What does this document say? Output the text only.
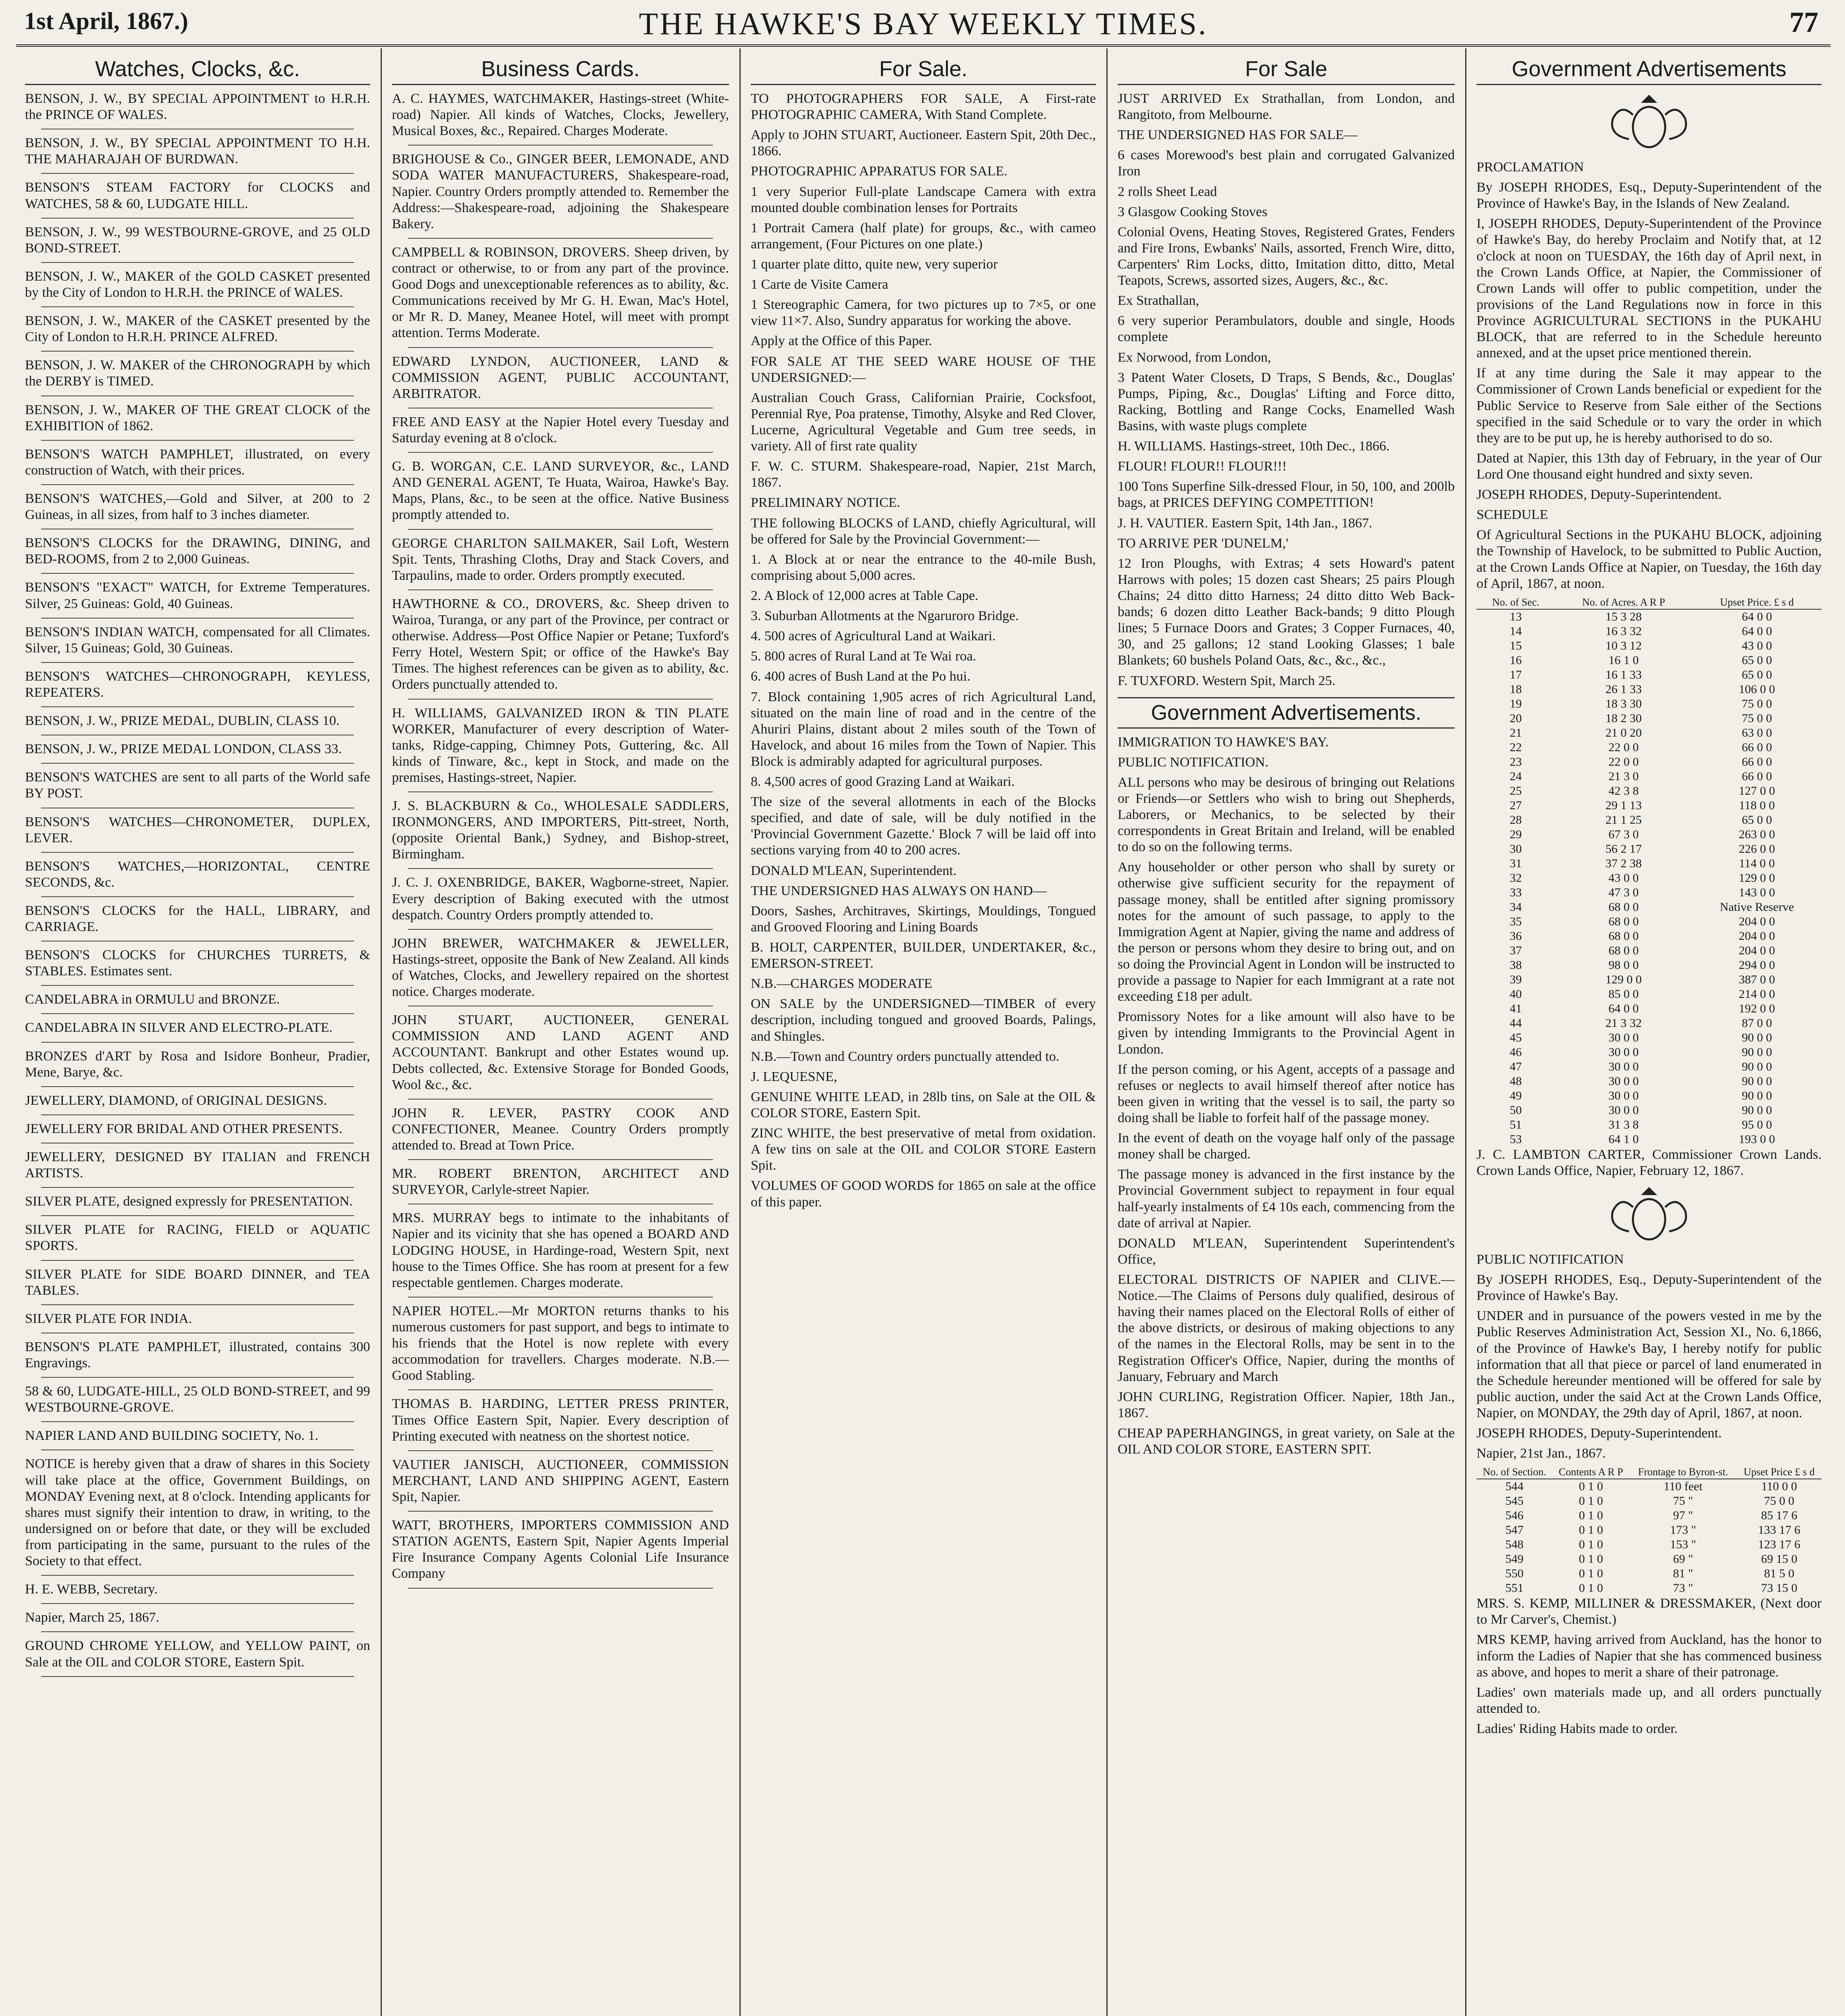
1st April, 1867.)	THE HAWKE'S BAY WEEKLY TIMES.	77
Watches, Clocks, &c.

BENSON, J. W., BY SPECIAL APPOINTMENT to H.R.H. the PRINCE OF WALES.

BENSON, J. W., BY SPECIAL APPOINTMENT TO H.H. THE MAHARAJAH OF BURDWAN.

BENSON'S STEAM FACTORY for CLOCKS and WATCHES, 58 & 60, LUDGATE HILL.

BENSON, J. W., 99 WESTBOURNE-GROVE, and 25 OLD BOND-STREET.

BENSON, J. W., MAKER of the GOLD CASKET presented by the City of London to H.R.H. the PRINCE of WALES.

BENSON, J. W., MAKER of the CASKET presented by the City of London to H.R.H. PRINCE ALFRED.

BENSON, J. W. MAKER of the CHRONOGRAPH by which the DERBY is TIMED.

BENSON, J. W., MAKER OF THE GREAT CLOCK of the EXHIBITION of 1862.

BENSON'S WATCH PAMPHLET, illustrated, on every construction of Watch, with their prices.

BENSON'S WATCHES,—Gold and Silver, at 200 to 2 Guineas, in all sizes, from half to 3 inches diameter.

BENSON'S CLOCKS for the DRAWING, DINING, and BED-ROOMS, from 2 to 2,000 Guineas.

BENSON'S "EXACT" WATCH, for Extreme Temperatures. Silver, 25 Guineas: Gold, 40 Guineas.

BENSON'S INDIAN WATCH, compensated for all Climates. Silver, 15 Guineas; Gold, 30 Guineas.

BENSON'S WATCHES—CHRONOGRAPH, KEYLESS, REPEATERS.

BENSON, J. W., PRIZE MEDAL, DUBLIN, CLASS 10.

BENSON, J. W., PRIZE MEDAL LONDON, CLASS 33.

BENSON'S WATCHES are sent to all parts of the World safe BY POST.

BENSON'S WATCHES—CHRONOMETER, DUPLEX, LEVER.

BENSON'S WATCHES,—HORIZONTAL, CENTRE SECONDS, &c.

BENSON'S CLOCKS for the HALL, LIBRARY, and CARRIAGE.

BENSON'S CLOCKS for CHURCHES TURRETS, & STABLES. Estimates sent.

CANDELABRA in ORMULU and BRONZE.

CANDELABRA IN SILVER AND ELECTRO-PLATE.

BRONZES d'ART by Rosa and Isidore Bonheur, Pradier, Mene, Barye, &c.

JEWELLERY, DIAMOND, of ORIGINAL DESIGNS.

JEWELLERY FOR BRIDAL AND OTHER PRESENTS.

JEWELLERY, DESIGNED BY ITALIAN and FRENCH ARTISTS.

SILVER PLATE, designed expressly for PRESENTATION.

SILVER PLATE for RACING, FIELD or AQUATIC SPORTS.

SILVER PLATE for SIDE BOARD DINNER, and TEA TABLES.

SILVER PLATE FOR INDIA.

BENSON'S PLATE PAMPHLET, illustrated, contains 300 Engravings.

58 & 60, LUDGATE-HILL, 25 OLD BOND-STREET, and 99 WESTBOURNE-GROVE.

NAPIER LAND AND BUILDING SOCIETY, No. 1.

NOTICE is hereby given that a draw of shares in this Society will take place at the office, Government Buildings, on MONDAY Evening next, at 8 o'clock. Intending applicants for shares must signify their intention to draw, in writing, to the undersigned on or before that date, or they will be excluded from participating in the same, pursuant to the rules of the Society to that effect.

H. E. WEBB, Secretary.

Napier, March 25, 1867.

GROUND CHROME YELLOW, and YELLOW PAINT, on Sale at the OIL and COLOR STORE, Eastern Spit.

Business Cards.

A. C. HAYMES, WATCHMAKER, Hastings-street (White-road) Napier. All kinds of Watches, Clocks, Jewellery, Musical Boxes, &c., Repaired. Charges Moderate.

BRIGHOUSE & Co., GINGER BEER, LEMONADE, AND SODA WATER MANUFACTURERS, Shakespeare-road, Napier. Country Orders promptly attended to. Remember the Address:—Shakespeare-road, adjoining the Shakespeare Bakery.

CAMPBELL & ROBINSON, DROVERS. Sheep driven, by contract or otherwise, to or from any part of the province. Good Dogs and unexceptionable references as to ability, &c. Communications received by Mr G. H. Ewan, Mac's Hotel, or Mr R. D. Maney, Meanee Hotel, will meet with prompt attention. Terms Moderate.

EDWARD LYNDON, AUCTIONEER, LAND & COMMISSION AGENT, PUBLIC ACCOUNTANT, ARBITRATOR.

FREE AND EASY at the Napier Hotel every Tuesday and Saturday evening at 8 o'clock.

G. B. WORGAN, C.E. LAND SURVEYOR, &c., LAND AND GENERAL AGENT, Te Huata, Wairoa, Hawke's Bay. Maps, Plans, &c., to be seen at the office. Native Business promptly attended to.

GEORGE CHARLTON SAILMAKER, Sail Loft, Western Spit. Tents, Thrashing Cloths, Dray and Stack Covers, and Tarpaulins, made to order. Orders promptly executed.

HAWTHORNE & CO., DROVERS, &c. Sheep driven to Wairoa, Turanga, or any part of the Province, per contract or otherwise. Address—Post Office Napier or Petane; Tuxford's Ferry Hotel, Western Spit; or office of the Hawke's Bay Times. The highest references can be given as to ability, &c. Orders punctually attended to.

H. WILLIAMS, GALVANIZED IRON & TIN PLATE WORKER, Manufacturer of every description of Water-tanks, Ridge-capping, Chimney Pots, Guttering, &c. All kinds of Tinware, &c., kept in Stock, and made on the premises, Hastings-street, Napier.

J. S. BLACKBURN & Co., WHOLESALE SADDLERS, IRONMONGERS, AND IMPORTERS, Pitt-street, North, (opposite Oriental Bank,) Sydney, and Bishop-street, Birmingham.

J. C. J. OXENBRIDGE, BAKER, Wagborne-street, Napier. Every description of Baking executed with the utmost despatch. Country Orders promptly attended to.

JOHN BREWER, WATCHMAKER & JEWELLER, Hastings-street, opposite the Bank of New Zealand. All kinds of Watches, Clocks, and Jewellery repaired on the shortest notice. Charges moderate.

JOHN STUART, AUCTIONEER, GENERAL COMMISSION AND LAND AGENT AND ACCOUNTANT. Bankrupt and other Estates wound up. Debts collected, &c. Extensive Storage for Bonded Goods, Wool &c., &c.

JOHN R. LEVER, PASTRY COOK AND CONFECTIONER, Meanee. Country Orders promptly attended to. Bread at Town Price.

MR. ROBERT BRENTON, ARCHITECT AND SURVEYOR, Carlyle-street Napier.

MRS. MURRAY begs to intimate to the inhabitants of Napier and its vicinity that she has opened a BOARD AND LODGING HOUSE, in Hardinge-road, Western Spit, next house to the Times Office. She has room at present for a few respectable gentlemen. Charges moderate.

NAPIER HOTEL.—Mr MORTON returns thanks to his numerous customers for past support, and begs to intimate to his friends that the Hotel is now replete with every accommodation for travellers. Charges moderate. N.B.—Good Stabling.

THOMAS B. HARDING, LETTER PRESS PRINTER, Times Office Eastern Spit, Napier. Every description of Printing executed with neatness on the shortest notice.

VAUTIER JANISCH, AUCTIONEER, COMMISSION MERCHANT, LAND AND SHIPPING AGENT, Eastern Spit, Napier.

WATT, BROTHERS, IMPORTERS COMMISSION AND STATION AGENTS, Eastern Spit, Napier Agents Imperial Fire Insurance Company Agents Colonial Life Insurance Company

For Sale.

TO PHOTOGRAPHERS FOR SALE, A First-rate PHOTOGRAPHIC CAMERA, With Stand Complete.

Apply to JOHN STUART, Auctioneer. Eastern Spit, 20th Dec., 1866.

PHOTOGRAPHIC APPARATUS FOR SALE.

1 very Superior Full-plate Landscape Camera with extra mounted double combination lenses for Portraits

1 Portrait Camera (half plate) for groups, &c., with cameo arrangement, (Four Pictures on one plate.)

1 quarter plate ditto, quite new, very superior

1 Carte de Visite Camera

1 Stereographic Camera, for two pictures up to 7×5, or one view 11×7. Also, Sundry apparatus for working the above.

Apply at the Office of this Paper.

FOR SALE AT THE SEED WARE HOUSE OF THE UNDERSIGNED:—

Australian Couch Grass, Californian Prairie, Cocksfoot, Perennial Rye, Poa pratense, Timothy, Alsyke and Red Clover, Lucerne, Agricultural Vegetable and Gum tree seeds, in variety. All of first rate quality

F. W. C. STURM. Shakespeare-road, Napier, 21st March, 1867.

PRELIMINARY NOTICE.

THE following BLOCKS of LAND, chiefly Agricultural, will be offered for Sale by the Provincial Government:—

1. A Block at or near the entrance to the 40-mile Bush, comprising about 5,000 acres.

2. A Block of 12,000 acres at Table Cape.

3. Suburban Allotments at the Ngaruroro Bridge.

4. 500 acres of Agricultural Land at Waikari.

5. 800 acres of Rural Land at Te Wai roa.

6. 400 acres of Bush Land at the Po hui.

7. Block containing 1,905 acres of rich Agricultural Land, situated on the main line of road and in the centre of the Ahuriri Plains, distant about 2 miles south of the Town of Havelock, and about 16 miles from the Town of Napier. This Block is admirably adapted for agricultural purposes.

8. 4,500 acres of good Grazing Land at Waikari.

The size of the several allotments in each of the Blocks specified, and date of sale, will be duly notified in the 'Provincial Government Gazette.' Block 7 will be laid off into sections varying from 40 to 200 acres.

DONALD M'LEAN, Superintendent.

THE UNDERSIGNED HAS ALWAYS ON HAND—

Doors, Sashes, Architraves, Skirtings, Mouldings, Tongued and Grooved Flooring and Lining Boards

B. HOLT, CARPENTER, BUILDER, UNDERTAKER, &c., EMERSON-STREET.

N.B.—CHARGES MODERATE

ON SALE by the UNDERSIGNED—TIMBER of every description, including tongued and grooved Boards, Palings, and Shingles.

N.B.—Town and Country orders punctually attended to.

J. LEQUESNE,

GENUINE WHITE LEAD, in 28lb tins, on Sale at the OIL & COLOR STORE, Eastern Spit.

ZINC WHITE, the best preservative of metal from oxidation. A few tins on sale at the OIL and COLOR STORE Eastern Spit.

VOLUMES OF GOOD WORDS for 1865 on sale at the office of this paper.

For Sale

JUST ARRIVED Ex Strathallan, from London, and Rangitoto, from Melbourne.

THE UNDERSIGNED HAS FOR SALE—

6 cases Morewood's best plain and corrugated Galvanized Iron

2 rolls Sheet Lead

3 Glasgow Cooking Stoves

Colonial Ovens, Heating Stoves, Registered Grates, Fenders and Fire Irons, Ewbanks' Nails, assorted, French Wire, ditto, Carpenters' Rim Locks, ditto, Imitation ditto, ditto, Metal Teapots, Screws, assorted sizes, Augers, &c., &c.

Ex Strathallan,

6 very superior Perambulators, double and single, Hoods complete

Ex Norwood, from London,

3 Patent Water Closets, D Traps, S Bends, &c., Douglas' Pumps, Piping, &c., Douglas' Lifting and Force ditto, Racking, Bottling and Range Cocks, Enamelled Wash Basins, with waste plugs complete

H. WILLIAMS. Hastings-street, 10th Dec., 1866.

FLOUR! FLOUR!! FLOUR!!!

100 Tons Superfine Silk-dressed Flour, in 50, 100, and 200lb bags, at PRICES DEFYING COMPETITION!

J. H. VAUTIER. Eastern Spit, 14th Jan., 1867.

TO ARRIVE PER 'DUNELM,'

12 Iron Ploughs, with Extras; 4 sets Howard's patent Harrows with poles; 15 dozen cast Shears; 25 pairs Plough Chains; 24 ditto ditto Harness; 24 ditto ditto Web Back-bands; 6 dozen ditto Leather Back-bands; 9 ditto Plough lines; 5 Furnace Doors and Grates; 3 Copper Furnaces, 40, 30, and 25 gallons; 12 stand Looking Glasses; 1 bale Blankets; 60 bushels Poland Oats, &c., &c., &c.,

F. TUXFORD. Western Spit, March 25.

Government Advertisements.

IMMIGRATION TO HAWKE'S BAY.

PUBLIC NOTIFICATION.

ALL persons who may be desirous of bringing out Relations or Friends—or Settlers who wish to bring out Shepherds, Laborers, or Mechanics, to be selected by their correspondents in Great Britain and Ireland, will be enabled to do so on the following terms.

Any householder or other person who shall by surety or otherwise give sufficient security for the repayment of passage money, shall be entitled after signing promissory notes for the amount of such passage, to apply to the Immigration Agent at Napier, giving the name and address of the person or persons whom they desire to bring out, and on so doing the Provincial Agent in London will be instructed to provide a passage to Napier for each Immigrant at a rate not exceeding £18 per adult.

Promissory Notes for a like amount will also have to be given by intending Immigrants to the Provincial Agent in London.

If the person coming, or his Agent, accepts of a passage and refuses or neglects to avail himself thereof after notice has been given in writing that the vessel is to sail, the party so doing shall be liable to forfeit half of the passage money.

In the event of death on the voyage half only of the passage money shall be charged.

The passage money is advanced in the first instance by the Provincial Government subject to repayment in four equal half-yearly instalments of £4 10s each, commencing from the date of arrival at Napier.

DONALD M'LEAN, Superintendent Superintendent's Office,

ELECTORAL DISTRICTS OF NAPIER and CLIVE.—Notice.—The Claims of Persons duly qualified, desirous of having their names placed on the Electoral Rolls of either of the above districts, or desirous of making objections to any of the names in the Electoral Rolls, may be sent in to the Registration Officer's Office, Napier, during the months of January, February and March

JOHN CURLING, Registration Officer. Napier, 18th Jan., 1867.

CHEAP PAPERHANGINGS, in great variety, on Sale at the OIL AND COLOR STORE, EASTERN SPIT.

Government Advertisements

PROCLAMATION

By JOSEPH RHODES, Esq., Deputy-Superintendent of the Province of Hawke's Bay, in the Islands of New Zealand.

I, JOSEPH RHODES, Deputy-Superintendent of the Province of Hawke's Bay, do hereby Proclaim and Notify that, at 12 o'clock at noon on TUESDAY, the 16th day of April next, in the Crown Lands Office, at Napier, the Commissioner of Crown Lands will offer to public competition, under the provisions of the Land Regulations now in force in this Province AGRICULTURAL SECTIONS in the PUKAHU BLOCK, that are referred to in the Schedule hereunto annexed, and at the upset price mentioned therein.

If at any time during the Sale it may appear to the Commissioner of Crown Lands beneficial or expedient for the Public Service to Reserve from Sale either of the Sections specified in the said Schedule or to vary the order in which they are to be put up, he is hereby authorised to do so.

Dated at Napier, this 13th day of February, in the year of Our Lord One thousand eight hundred and sixty seven.

JOSEPH RHODES, Deputy-Superintendent.

SCHEDULE

Of Agricultural Sections in the PUKAHU BLOCK, adjoining the Township of Havelock, to be submitted to Public Auction, at the Crown Lands Office at Napier, on Tuesday, the 16th day of April, 1867, at noon.

No. of Sec.	No. of Acres. A R P	Upset Price. £ s d
13	15 3 28	64 0 0
14	16 3 32	64 0 0
15	10 3 12	43 0 0
16	16 1 0	65 0 0
17	16 1 33	65 0 0
18	26 1 33	106 0 0
19	18 3 30	75 0 0
20	18 2 30	75 0 0
21	21 0 20	63 0 0
22	22 0 0	66 0 0
23	22 0 0	66 0 0
24	21 3 0	66 0 0
25	42 3 8	127 0 0
27	29 1 13	118 0 0
28	21 1 25	65 0 0
29	67 3 0	263 0 0
30	56 2 17	226 0 0
31	37 2 38	114 0 0
32	43 0 0	129 0 0
33	47 3 0	143 0 0
34	68 0 0	Native Reserve
35	68 0 0	204 0 0
36	68 0 0	204 0 0
37	68 0 0	204 0 0
38	98 0 0	294 0 0
39	129 0 0	387 0 0
40	85 0 0	214 0 0
41	64 0 0	192 0 0
44	21 3 32	87 0 0
45	30 0 0	90 0 0
46	30 0 0	90 0 0
47	30 0 0	90 0 0
48	30 0 0	90 0 0
49	30 0 0	90 0 0
50	30 0 0	90 0 0
51	31 3 8	95 0 0
53	64 1 0	193 0 0

J. C. LAMBTON CARTER, Commissioner Crown Lands. Crown Lands Office, Napier, February 12, 1867.

PUBLIC NOTIFICATION

By JOSEPH RHODES, Esq., Deputy-Superintendent of the Province of Hawke's Bay.

UNDER and in pursuance of the powers vested in me by the Public Reserves Administration Act, Session XI., No. 6,1866, of the Province of Hawke's Bay, I hereby notify for public information that all that piece or parcel of land enumerated in the Schedule hereunder mentioned will be offered for sale by public auction, under the said Act at the Crown Lands Office, Napier, on MONDAY, the 29th day of April, 1867, at noon.

JOSEPH RHODES, Deputy-Superintendent.

Napier, 21st Jan., 1867.

No. of Section.	Contents A R P	Frontage to Byron-st.	Upset Price £ s d
544	0 1 0	110 feet	110 0 0
545	0 1 0	75 "	75 0 0
546	0 1 0	97 "	85 17 6
547	0 1 0	173 "	133 17 6
548	0 1 0	153 "	123 17 6
549	0 1 0	69 "	69 15 0
550	0 1 0	81 "	81 5 0
551	0 1 0	73 "	73 15 0

MRS. S. KEMP, MILLINER & DRESSMAKER, (Next door to Mr Carver's, Chemist.)

MRS KEMP, having arrived from Auckland, has the honor to inform the Ladies of Napier that she has commenced business as above, and hopes to merit a share of their patronage.

Ladies' own materials made up, and all orders punctually attended to.

Ladies' Riding Habits made to order.
